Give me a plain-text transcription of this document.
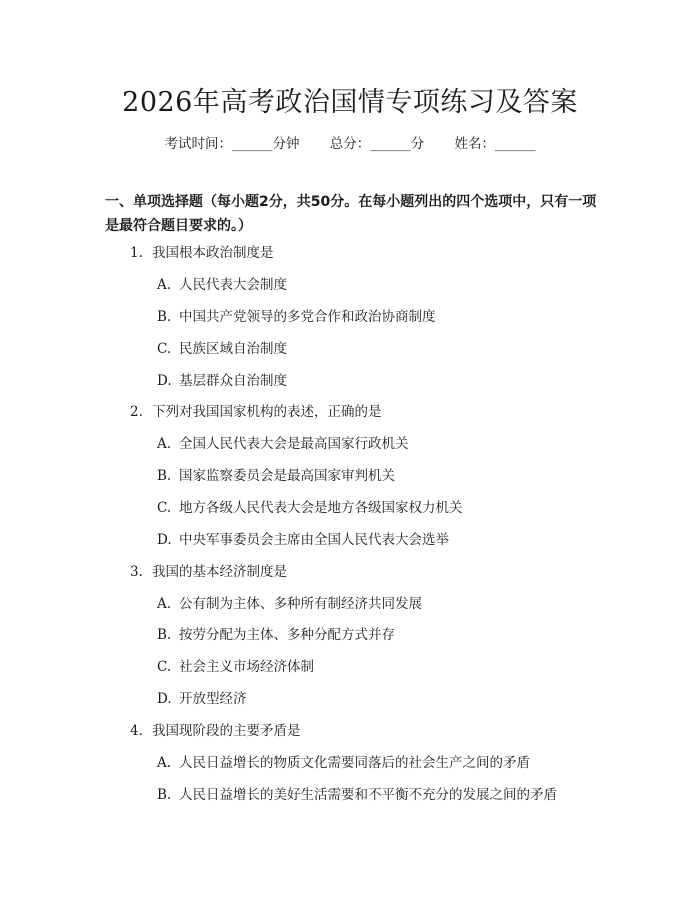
2026年高考政治国情专项练习及答案
考试时间：______分钟 总分：______分 姓名：______
一、单项选择题（每小题2分，共50分。在每小题列出的四个选项中，只有一项是最符合题目要求的。）
1. 我国根本政治制度是
A. 人民代表大会制度
B. 中国共产党领导的多党合作和政治协商制度
C. 民族区域自治制度
D. 基层群众自治制度
2. 下列对我国国家机构的表述，正确的是
A. 全国人民代表大会是最高国家行政机关
B. 国家监察委员会是最高国家审判机关
C. 地方各级人民代表大会是地方各级国家权力机关
D. 中央军事委员会主席由全国人民代表大会选举
3. 我国的基本经济制度是
A. 公有制为主体、多种所有制经济共同发展
B. 按劳分配为主体、多种分配方式并存
C. 社会主义市场经济体制
D. 开放型经济
4. 我国现阶段的主要矛盾是
A. 人民日益增长的物质文化需要同落后的社会生产之间的矛盾
B. 人民日益增长的美好生活需要和不平衡不充分的发展之间的矛盾
